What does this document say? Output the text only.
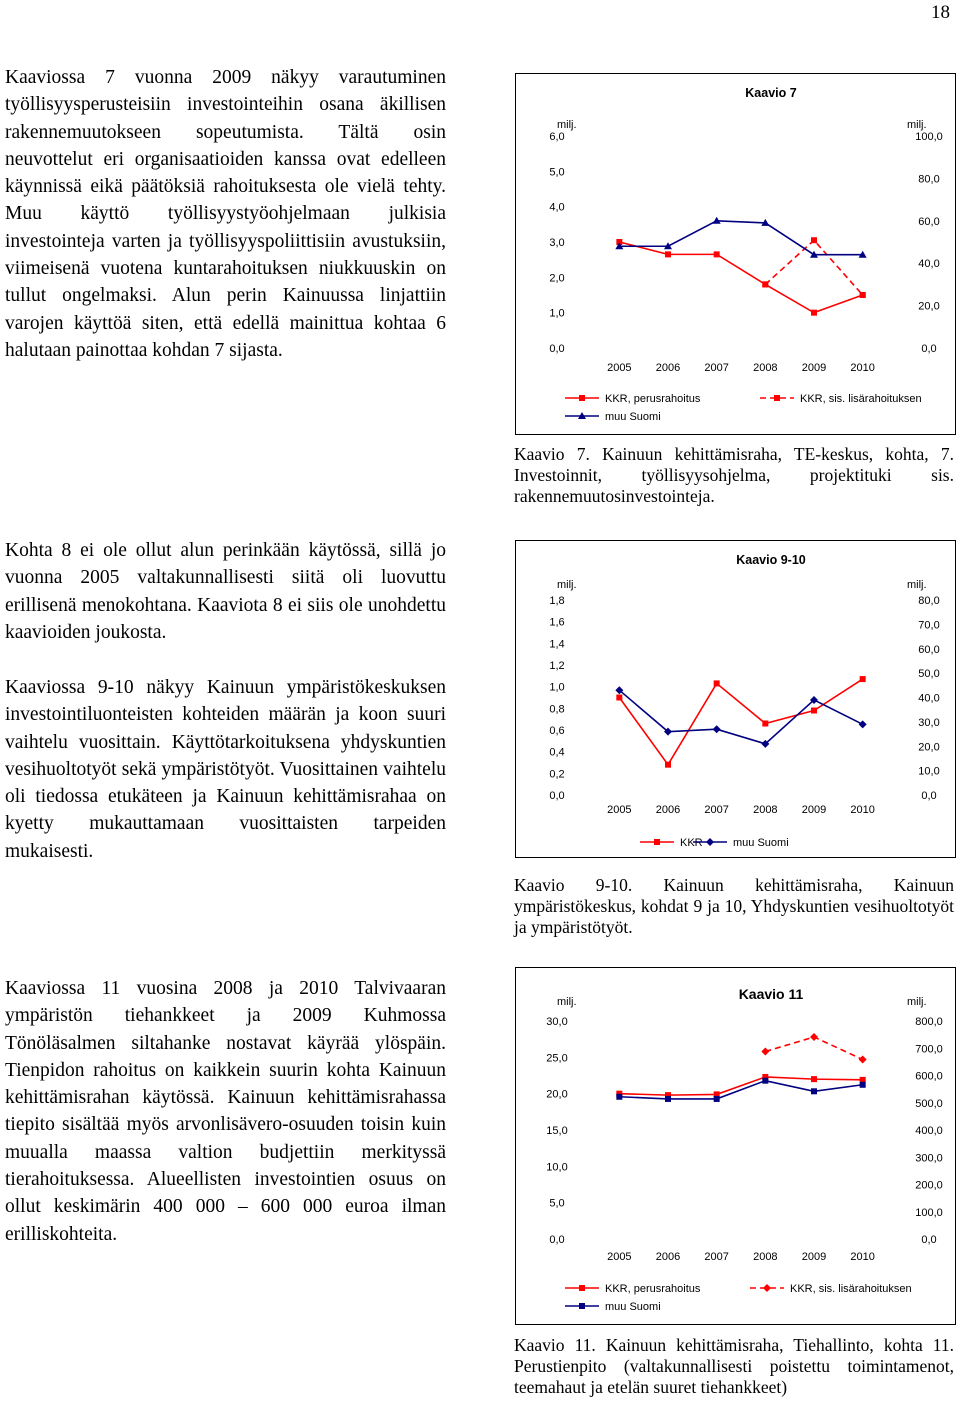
18

Kaaviossa 7 vuonna 2009 näkyy varautuminen työllisyysperusteisiin investointeihin osana äkillisen rakennemuutokseen sopeutumista. Tältä osin neuvottelut eri organisaatioiden kanssa ovat edelleen käynnissä eikä päätöksiä rahoituksesta ole vielä tehty. Muu käyttö työllisyystyöohjelmaan julkisia investointeja varten ja työllisyyspoliittisiin avustuksiin, viimeisenä vuotena kuntarahoituksen niukkuuskin on tullut ongelmaksi. Alun perin Kainuussa linjattiin varojen käyttöä siten, että edellä mainittua kohtaa 6 halutaan painottaa kohdan 7 sijasta.

Kohta 8 ei ole ollut alun perinkään käytössä, sillä jo vuonna 2005 valtakunnallisesti siitä oli luovuttu erillisenä menokohtana. Kaaviota 8 ei siis ole unohdettu kaavioiden joukosta.

Kaaviossa 9-10 näkyy Kainuun ympäristökeskuksen investointiluonteisten kohteiden määrän ja koon suuri vaihtelu vuosittain. Käyttötarkoituksena yhdyskuntien vesihuoltotyöt sekä ympäristötyöt. Vuosittainen vaihtelu oli tiedossa etukäteen ja Kainuun kehittämisrahaa on kyetty mukauttamaan vuosittaisten tarpeiden mukaisesti.

Kaaviossa 11 vuosina 2008 ja 2010 Talvivaaran ympäristön tiehankkeet ja 2009 Kuhmossa Tönöläsalmen siltahanke nostavat käyrää ylöspäin. Tienpidon rahoitus on kaikkein suurin kohta Kainuun kehittämisrahan käytössä. Kainuun kehittämisrahassa tiepito sisältää myös arvonlisävero-osuuden toisin kuin muualla maassa valtion budjettiin merkityssä tierahoituksessa. Alueellisten investointien osuus on ollut keskimärin 400 000 – 600 000 euroa ilman erilliskohteita.

Kaavio 7
milj.	milj.
6,0
5,0
4,0
3,0
2,0
1,0
0,0
100,0
80,0
60,0
40,0
20,0
0,0
2005 2006 2007 2008 2009 2010
KKR, perusrahoitus	KKR, sis. lisärahoituksen
muu Suomi

Kaavio 7. Kainuun kehittämisraha, TE-keskus, kohta, 7. Investoinnit, työllisyysohjelma, projektituki sis. rakennemuutosinvestointeja.

Kaavio 9-10
milj.	milj.
1,8
1,6
1,4
1,2
1,0
0,8
0,6
0,4
0,2
0,0
80,0
70,0
60,0
50,0
40,0
30,0
20,0
10,0
0,0
2005 2006 2007 2008 2009 2010
KKR	muu Suomi

Kaavio 9-10. Kainuun kehittämisraha, Kainuun ympäristökeskus, kohdat 9 ja 10, Yhdyskuntien vesihuoltotyöt ja ympäristötyöt.

Kaavio 11
milj.	milj.
30,0
25,0
20,0
15,0
10,0
5,0
0,0
800,0
700,0
600,0
500,0
400,0
300,0
200,0
100,0
0,0
2005 2006 2007 2008 2009 2010
KKR, perusrahoitus	KKR, sis. lisärahoituksen
muu Suomi

Kaavio 11. Kainuun kehittämisraha, Tiehallinto, kohta 11. Perustienpito (valtakunnallisesti poistettu toimintamenot, teemahaut ja etelän suuret tiehankkeet)
